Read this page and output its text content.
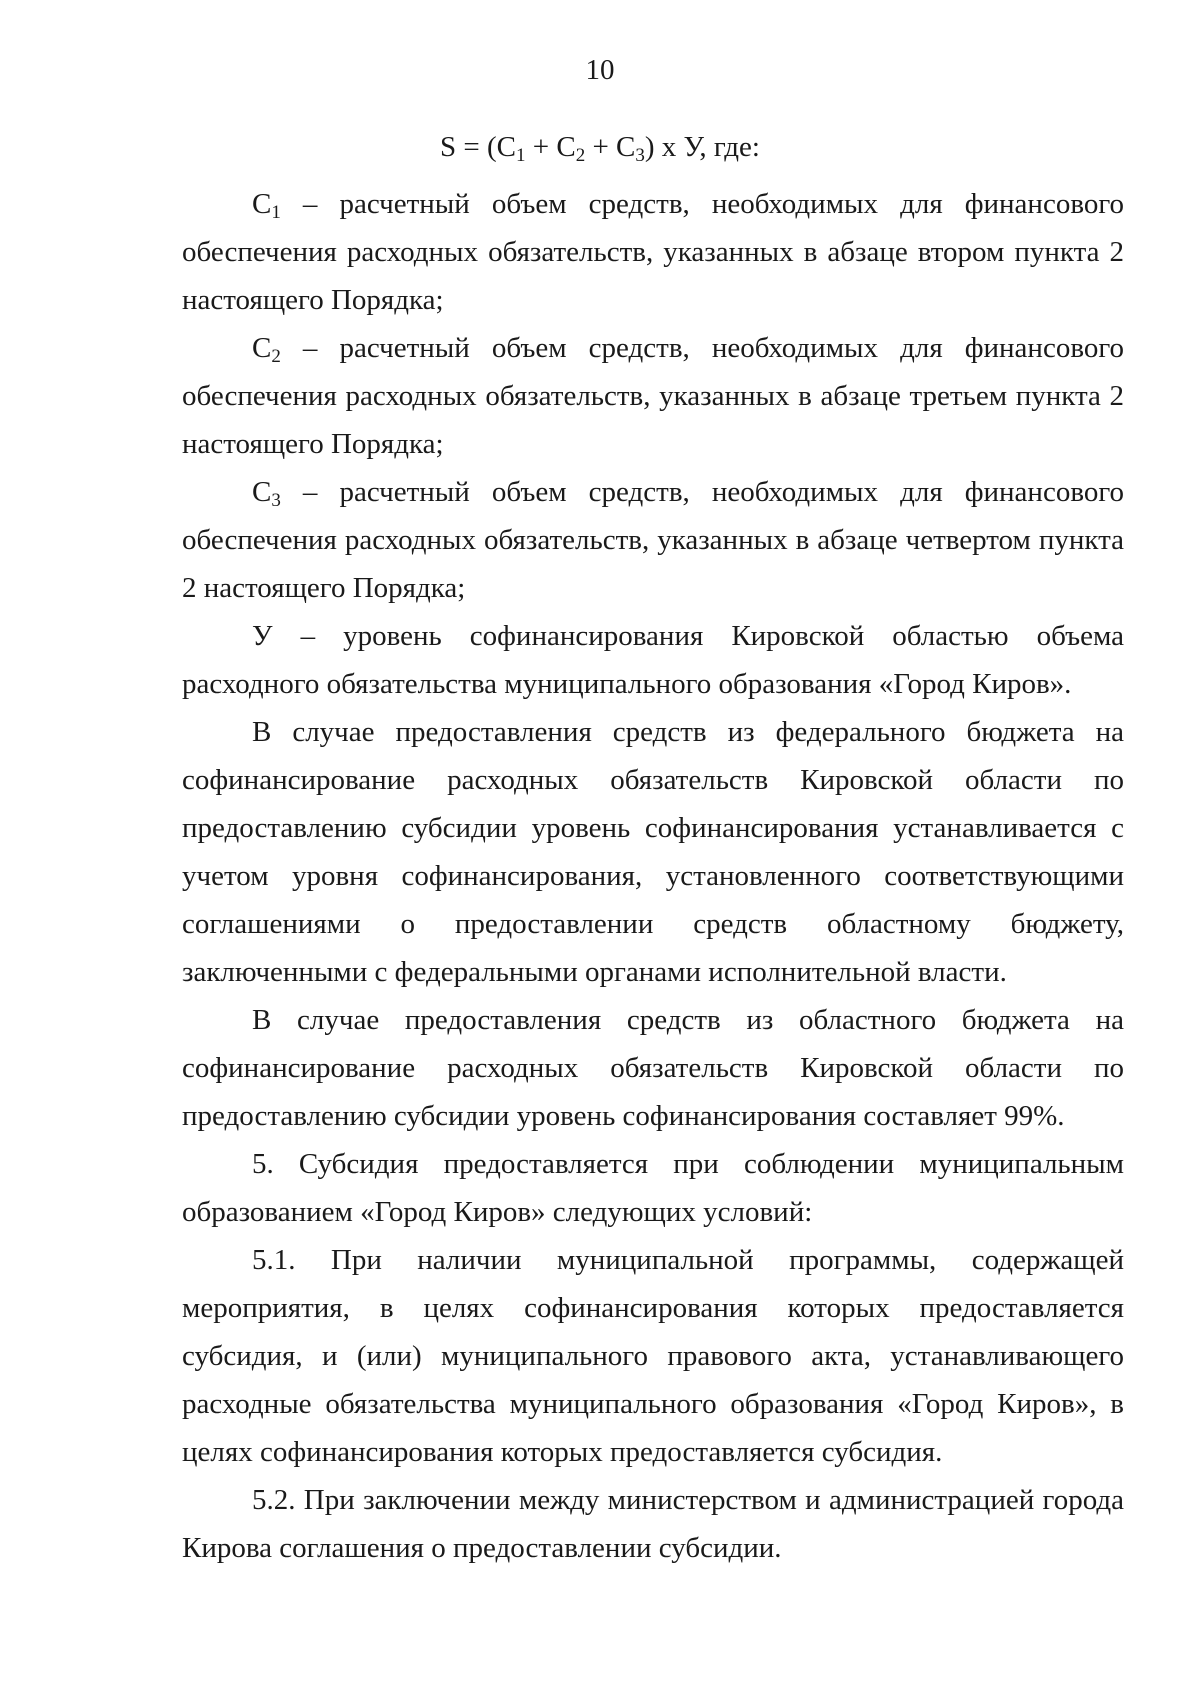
10
$S = (C_1 + C_2 + C_3)$ х У, где:

$C_1$ – расчетный объем средств, необходимых для финансового обеспечения расходных обязательств, указанных в абзаце втором пункта 2 настоящего Порядка;

$C_2$ – расчетный объем средств, необходимых для финансового обеспечения расходных обязательств, указанных в абзаце третьем пункта 2 настоящего Порядка;

$C_3$ – расчетный объем средств, необходимых для финансового обеспечения расходных обязательств, указанных в абзаце четвертом пункта 2 настоящего Порядка;

У – уровень софинансирования Кировской областью объема расходного обязательства муниципального образования «Город Киров».

В случае предоставления средств из федерального бюджета на софинансирование расходных обязательств Кировской области по предоставлению субсидии уровень софинансирования устанавливается с учетом уровня софинансирования, установленного соответствующими соглашениями о предоставлении средств областному бюджету, заключенными с федеральными органами исполнительной власти.

В случае предоставления средств из областного бюджета на софинансирование расходных обязательств Кировской области по предоставлению субсидии уровень софинансирования составляет 99%.

5. Субсидия предоставляется при соблюдении муниципальным образованием «Город Киров» следующих условий:

5.1. При наличии муниципальной программы, содержащей мероприятия, в целях софинансирования которых предоставляется субсидия, и (или) муниципального правового акта, устанавливающего расходные обязательства муниципального образования «Город Киров», в целях софинансирования которых предоставляется субсидия.

5.2. При заключении между министерством и администрацией города Кирова соглашения о предоставлении субсидии.
